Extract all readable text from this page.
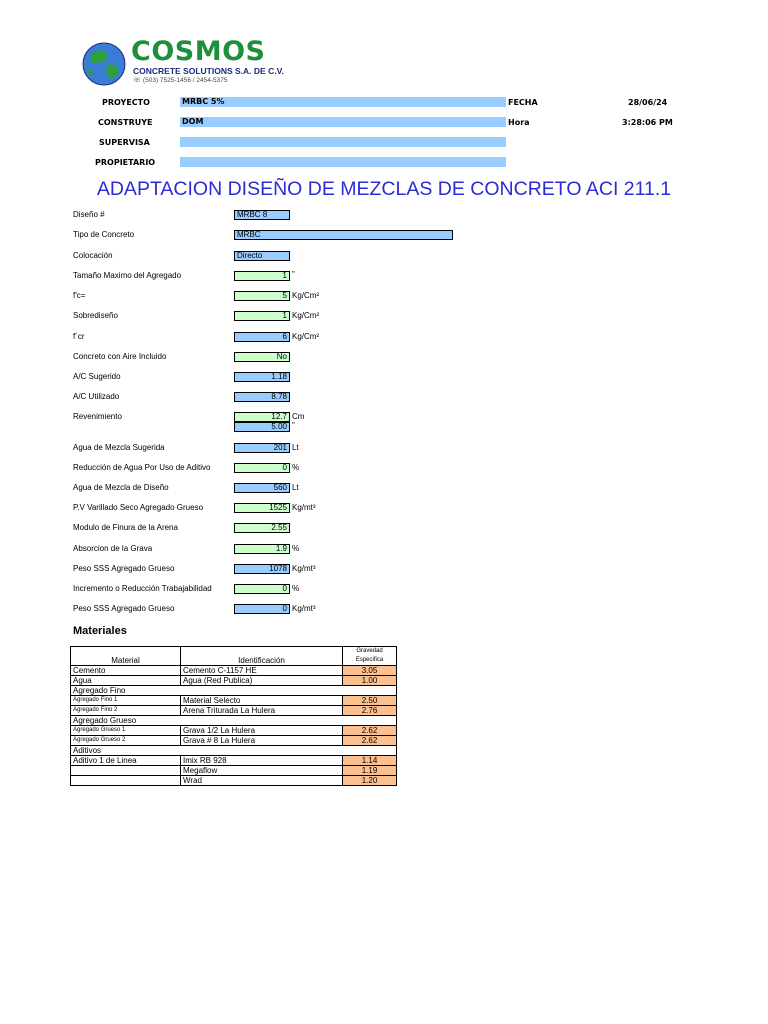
COSMOS
CONCRETE SOLUTIONS S.A. DE C.V.
☏ (503) 7525-1456 / 2454-5375
PROYECTO	MRBC 5%	FECHA	28/06/24
CONSTRUYE	DOM	Hora	3:28:06 PM
SUPERVISA
PROPIETARIO
ADAPTACION DISEÑO DE MEZCLAS DE CONCRETO ACI 211.1
Diseño #	MRBC 8
Tipo de Concreto	MRBC
Colocación	Directo
Tamaño Maximo del Agregado	1 "
f'c=	5 Kg/Cm²
Sobrediseño	1 Kg/Cm²
f´cr	6 Kg/Cm²
Concreto con Aire Incluido	No
A/C Sugerido	1.18
A/C Utilizado	8.78
Revenimiento	12.7 Cm
5.00 "
Agua de Mezcla Sugerida	201 Lt
Reducción de Agua Por Uso de Aditivo	0 %
Agua de Mezcla de Diseño	560 Lt
P.V Varillado Seco Agregado Grueso	1525 Kg/mt³
Modulo de Finura de la Arena	2.55
Absorcion de la Grava	1.9 %
Peso SSS Agregado Grueso	1078 Kg/mt³
Incremento o Reducción Trabajabilidad	0 %
Peso SSS Agregado Grueso	0 Kg/mt³
Materiales
Material	Identificación	Gravedad
		Especifica
Cemento	Cemento C-1157 HE	3.05
Agua	Agua (Red Publica)	1.00
Agregado Fino		
Agregado Fino 1	Material Selecto	2.50
Agregado Fino 2	Arena Triturada La Hulera	2.76
Agregado Grueso		
Agregado Grueso 1	Grava 1/2 La Hulera	2.62
Agregado Grueso 2	Grava # 8 La Hulera	2.62
Aditivos		
Aditivo 1 de Linea	Imix RB 928	1.14
	Megaflow	1.19
	Wrad	1.20
